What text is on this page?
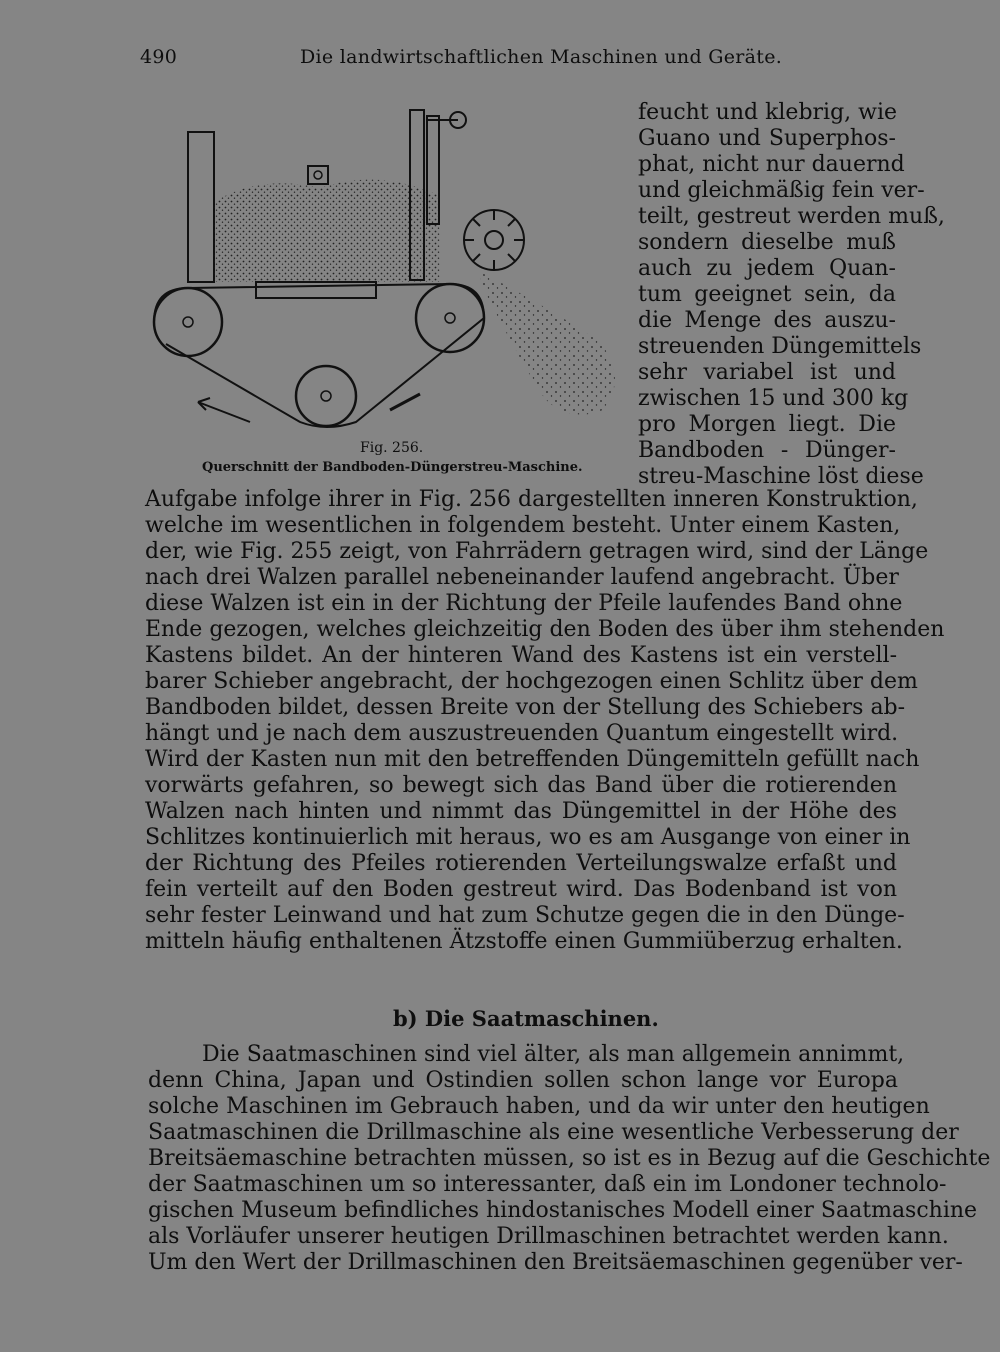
490	Die landwirtschaftlichen Maschinen und Geräte.
Fig. 256.
Querschnitt der Bandboden-Düngerstreu-Maschine.
feucht und klebrig, wie
Guano und Superphos-
phat, nicht nur dauernd
und gleichmäßig fein ver-
teilt, gestreut werden muß,
sondern dieselbe muß
auch zu jedem Quan-
tum geeignet sein, da
die Menge des auszu-
streuenden Düngemittels
sehr variabel ist und
zwischen 15 und 300 kg
pro Morgen liegt. Die
Bandboden - Dünger-
streu-Maschine löst diese
Aufgabe infolge ihrer in Fig. 256 dargestellten inneren Konstruktion,
welche im wesentlichen in folgendem besteht. Unter einem Kasten,
der, wie Fig. 255 zeigt, von Fahrrädern getragen wird, sind der Länge
nach drei Walzen parallel nebeneinander laufend angebracht. Über
diese Walzen ist ein in der Richtung der Pfeile laufendes Band ohne
Ende gezogen, welches gleichzeitig den Boden des über ihm stehenden
Kastens bildet. An der hinteren Wand des Kastens ist ein verstell-
barer Schieber angebracht, der hochgezogen einen Schlitz über dem
Bandboden bildet, dessen Breite von der Stellung des Schiebers ab-
hängt und je nach dem auszustreuenden Quantum eingestellt wird.
Wird der Kasten nun mit den betreffenden Düngemitteln gefüllt nach
vorwärts gefahren, so bewegt sich das Band über die rotierenden
Walzen nach hinten und nimmt das Düngemittel in der Höhe des
Schlitzes kontinuierlich mit heraus, wo es am Ausgange von einer in
der Richtung des Pfeiles rotierenden Verteilungswalze erfaßt und
fein verteilt auf den Boden gestreut wird. Das Bodenband ist von
sehr fester Leinwand und hat zum Schutze gegen die in den Dünge-
mitteln häufig enthaltenen Ätzstoffe einen Gummiüberzug erhalten.
b) Die Saatmaschinen.
Die Saatmaschinen sind viel älter, als man allgemein annimmt,
denn China, Japan und Ostindien sollen schon lange vor Europa
solche Maschinen im Gebrauch haben, und da wir unter den heutigen
Saatmaschinen die Drillmaschine als eine wesentliche Verbesserung der
Breitsäemaschine betrachten müssen, so ist es in Bezug auf die Geschichte
der Saatmaschinen um so interessanter, daß ein im Londoner technolo-
gischen Museum befindliches hindostanisches Modell einer Saatmaschine
als Vorläufer unserer heutigen Drillmaschinen betrachtet werden kann.
Um den Wert der Drillmaschinen den Breitsäemaschinen gegenüber ver-
